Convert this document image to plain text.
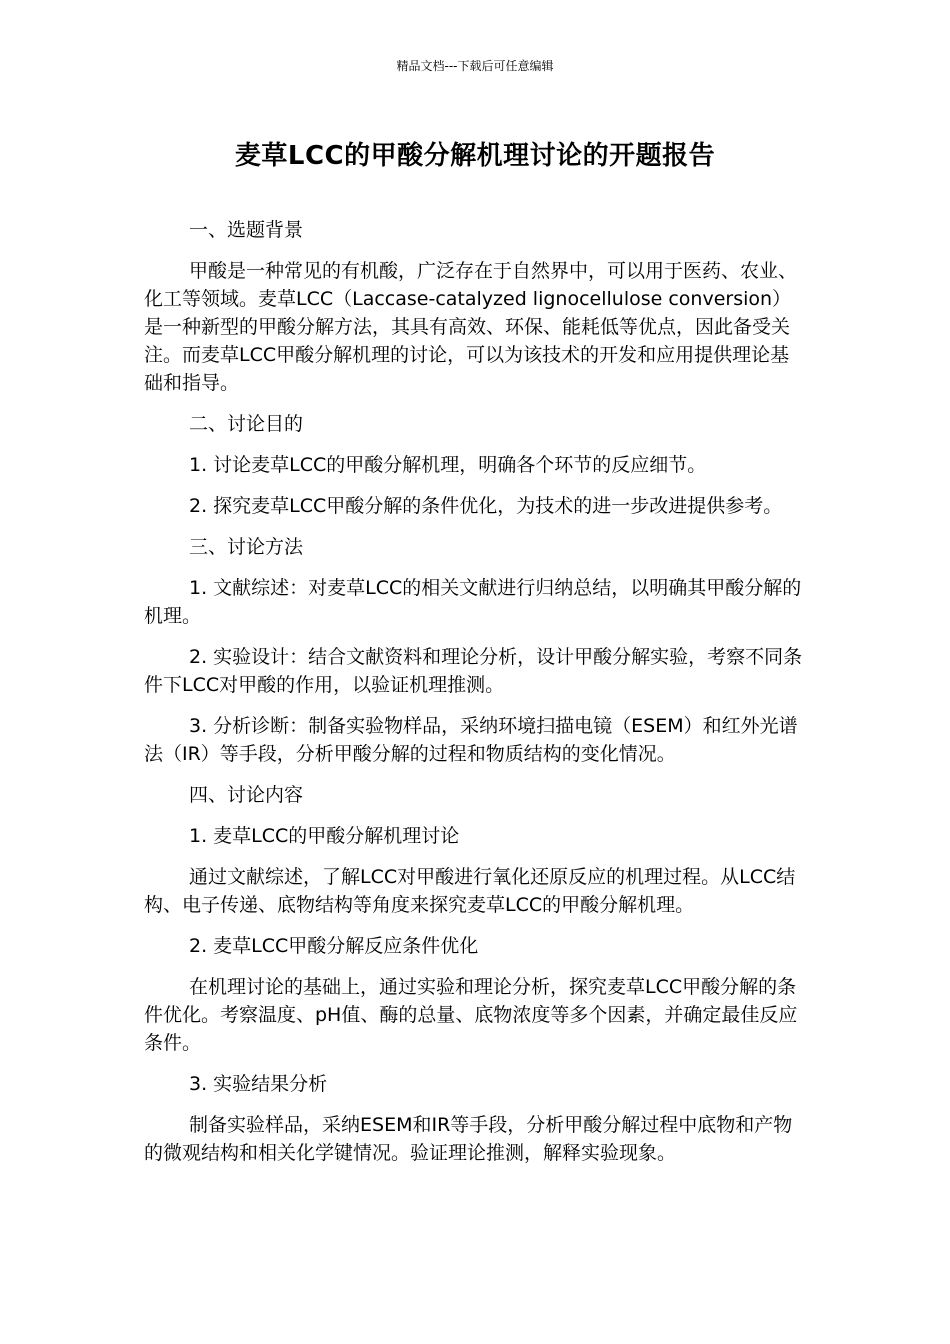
精品文档---下载后可任意编辑
麦草LCC的甲酸分解机理讨论的开题报告

一、选题背景

甲酸是一种常见的有机酸，广泛存在于自然界中，可以用于医药、农业、化工等领域。麦草LCC（Laccase-catalyzed lignocellulose conversion）是一种新型的甲酸分解方法，其具有高效、环保、能耗低等优点，因此备受关注。而麦草LCC甲酸分解机理的讨论，可以为该技术的开发和应用提供理论基础和指导。

二、讨论目的

1. 讨论麦草LCC的甲酸分解机理，明确各个环节的反应细节。

2. 探究麦草LCC甲酸分解的条件优化，为技术的进一步改进提供参考。

三、讨论方法

1. 文献综述：对麦草LCC的相关文献进行归纳总结，以明确其甲酸分解的机理。

2. 实验设计：结合文献资料和理论分析，设计甲酸分解实验，考察不同条件下LCC对甲酸的作用，以验证机理推测。

3. 分析诊断：制备实验物样品，采纳环境扫描电镜（ESEM）和红外光谱法（IR）等手段，分析甲酸分解的过程和物质结构的变化情况。

四、讨论内容

1. 麦草LCC的甲酸分解机理讨论

通过文献综述，了解LCC对甲酸进行氧化还原反应的机理过程。从LCC结构、电子传递、底物结构等角度来探究麦草LCC的甲酸分解机理。

2. 麦草LCC甲酸分解反应条件优化

在机理讨论的基础上，通过实验和理论分析，探究麦草LCC甲酸分解的条件优化。考察温度、pH值、酶的总量、底物浓度等多个因素，并确定最佳反应条件。

3. 实验结果分析

制备实验样品，采纳ESEM和IR等手段，分析甲酸分解过程中底物和产物的微观结构和相关化学键情况。验证理论推测，解释实验现象。
